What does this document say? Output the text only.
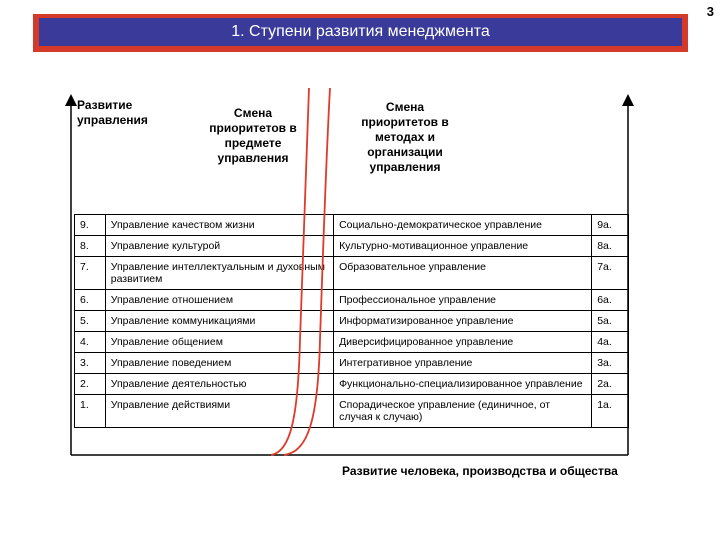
3
1. Ступени развития менеджмента
Развитие
управления	Смена
приоритетов в
предмете
управления
Смена
приоритетов в
методах и
организации
управления
9.	Управление качеством жизни	Социально-демократическое управление	9а.
8.	Управление культурой	Культурно-мотивационное управление	8а.
7.	Управление интеллектуальным и духовным развитием	Образовательное управление	7а.
6.	Управление отношением	Профессиональное управление	6а.
5.	Управление коммуникациями	Информатизированное управление	5а.
4.	Управление общением	Диверсифицированное управление	4а.
3.	Управление поведением	Интегративное управление	3а.
2.	Управление деятельностью	Функционально-специализированное управление	2а.
1.	Управление действиями	Спорадическое управление (единичное, от случая к случаю)	1а.
Развитие человека, производства и общества
